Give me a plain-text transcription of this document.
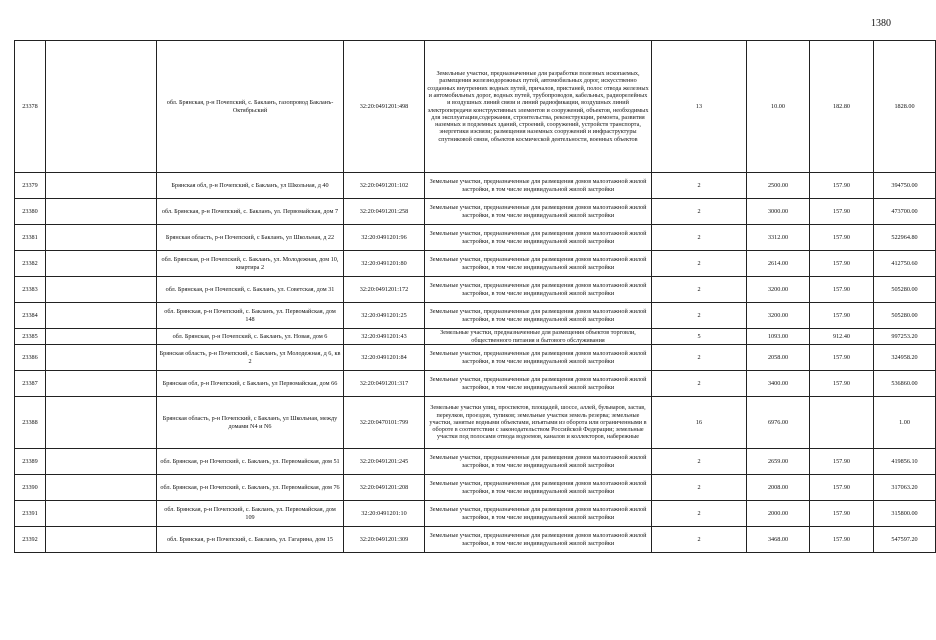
1380
23378		обл. Брянская, р-н Почепский, с. Бакланъ, газопровод Бакланъ- Октябрьский	32:20:0491201:498	Земельные участки, предназначенные для разработки полезных ископаемых, размещения железнодорожных путей, автомобильных дорог, искусственно созданных внутренних водных путей, причалов, пристаней, полос отвода железных и автомобильных дорог, водных путей, трубопроводов, кабельных, радиорелейных и воздушных линий связи и линий радиофикации, воздушных линий электропередачи конструктивных элементов и сооружений, объектов, необходимых для эксплуатации,содержания, строительства, реконструкции, ремонта, развития наземных и подземных зданий, строений, сооружений, устройств транспорта, энергетики иэсвязи; размещения наземных сооружений и инфраструктуры спутниковой связи, объектов космической деятельности, военных объектов	13	10.00	182.80	1828.00
23379		Брянская обл, р-н Почепский, с Бакланъ, ул Школьная, д 40	32:20:0491201:102	Земельные участки, предназначенные для размещения домов малоэтажной жилой застройки, в том числе индивидуальной жилой застройки	2	2500.00	157.90	394750.00
23380		обл. Брянская, р-н Почепский, с. Бакланъ, ул. Первомайская, дом 7	32:20:0491201:258	Земельные участки, предназначенные для размещения домов малоэтажной жилой застройки, в том числе индивидуальной жилой застройки	2	3000.00	157.90	473700.00
23381		Брянская область, р-н Почепский, с Бакланъ, ул Школьная, д 22	32:20:0491201:96	Земельные участки, предназначенные для размещения домов малоэтажной жилой застройки, в том числе индивидуальной жилой застройки	2	3312.00	157.90	522964.80
23382		обл. Брянская, р-н Почепский, с. Бакланъ, ул. Молодежная, дом 10, квартира 2	32:20:0491201:80	Земельные участки, предназначенные для размещения домов малоэтажной жилой застройки, в том числе индивидуальной жилой застройки	2	2614.00	157.90	412750.60
23383		обл. Брянская, р-н Почепский, с. Бакланъ, ул. Советская, дом 31	32:20:0491201:172	Земельные участки, предназначенные для размещения домов малоэтажной жилой застройки, в том числе индивидуальной жилой застройки	2	3200.00	157.90	505280.00
23384		обл. Брянская, р-н Почепский, с. Бакланъ, ул. Первомайская, дом 148	32:20:0491201:25	Земельные участки, предназначенные для размещения домов малоэтажной жилой застройки, в том числе индивидуальной жилой застройки	2	3200.00	157.90	505280.00
23385		обл. Брянская, р-н Почепский, с. Бакланъ, ул. Новая, дом 6	32:20:0491201:43	Земельные участки, предназначенные для размещения объектов торговли, общественного питания и бытового обслуживания	5	1093.00	912.40	997253.20
23386		Брянская область, р-н Почепский, с Бакланъ, ул Молодежная, д 6, кв 2	32:20:0491201:84	Земельные участки, предназначенные для размещения домов малоэтажной жилой застройки, в том числе индивидуальной жилой застройки	2	2058.00	157.90	324958.20
23387		Брянская обл, р-н Почепский, с Бакланъ, ул Первомайская, дом 66	32:20:0491201:317	Земельные участки, предназначенные для размещения домов малоэтажной жилой застройки, в том числе индивидуальной жилой застройки	2	3400.00	157.90	536860.00
23388		Брянская область, р-н Почепский, с Бакланъ, ул Школьная, между домами N4 и N6	32:20:0470101:799	Земельные участки улиц, проспектов, площадей, шоссе, аллей, бульваров, застав, переулков, проездов, тупиков; земельные участки земель резерва; земельные участки, занятые водными объектами, изъятыми из оборота или ограниченными в обороте в соответствии с законодательством Российской Федерации; земельные участки под полосами отвода водоемов, каналов и коллекторов, набережные	16	6976.00		1.00
23389		обл. Брянская, р-н Почепский, с. Бакланъ, ул. Первомайская, дом 51	32:20:0491201:245	Земельные участки, предназначенные для размещения домов малоэтажной жилой застройки, в том числе индивидуальной жилой застройки	2	2659.00	157.90	419856.10
23390		обл. Брянская, р-н Почепский, с. Бакланъ, ул. Первомайская, дом 76	32:20:0491201:208	Земельные участки, предназначенные для размещения домов малоэтажной жилой застройки, в том числе индивидуальной жилой застройки	2	2008.00	157.90	317063.20
23391		обл. Брянская, р-н Почепский, с. Бакланъ, ул. Первомайская, дом 109	32:20:0491201:10	Земельные участки, предназначенные для размещения домов малоэтажной жилой застройки, в том числе индивидуальной жилой застройки	2	2000.00	157.90	315800.00
23392		обл. Брянская, р-н Почепский, с. Бакланъ, ул. Гагарина, дом 15	32:20:0491201:309	Земельные участки, предназначенные для размещения домов малоэтажной жилой застройки, в том числе индивидуальной жилой застройки	2	3468.00	157.90	547597.20
